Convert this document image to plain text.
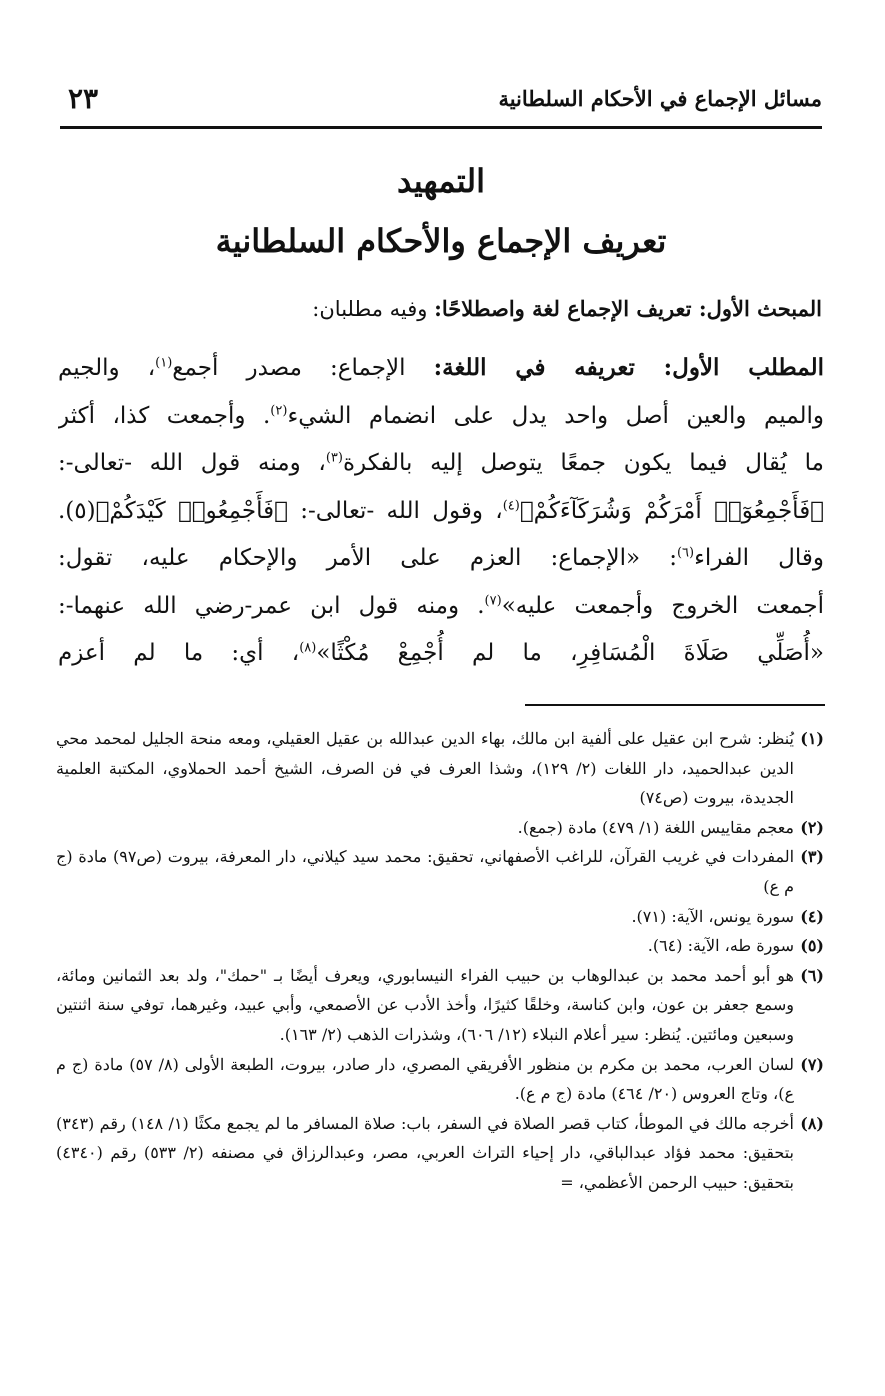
مسائل الإجماع في الأحكام السلطانية
٢٣
التمهيد
تعريف الإجماع والأحكام السلطانية

المبحث الأول: تعريف الإجماع لغة واصطلاحًا: وفيه مطلبان:

المطلب الأول: تعريفه في اللغة: الإجماع: مصدر أجمع$^{(١)}$، والجيم
والميم والعين أصل واحد يدل على انضمام الشيء$^{(٢)}$. وأجمعت كذا، أكثر
ما يُقال فيما يكون جمعًا يتوصل إليه بالفكرة$^{(٣)}$، ومنه قول الله -تعالى-:
﴿فَأَجْمِعُوٓا۟ أَمْرَكُمْ وَشُرَكَآءَكُمْ﴾$^{(٤)}$، وقول الله -تعالى-: ﴿فَأَجْمِعُوا۟ كَيْدَكُمْ﴾(٥).
وقال الفراء$^{(٦)}$: «الإجماع: العزم على الأمر والإحكام عليه، تقول:
أجمعت الخروج وأجمعت عليه»$^{(٧)}$. ومنه قول ابن عمر-رضي الله عنهما-:
«أُصَلِّي صَلَاةَ الْمُسَافِرِ، ما لم أُجْمِعْ مُكْثًا»$^{(٨)}$، أي: ما لم أعزم
(١)
يُنظر: شرح ابن عقيل على ألفية ابن مالك، بهاء الدين عبدالله بن عقيل العقيلي، ومعه منحة الجليل لمحمد محي الدين عبدالحميد، دار اللغات (٢/ ١٢٩)، وشذا العرف في فن الصرف، الشيخ أحمد الحملاوي، المكتبة العلمية الجديدة، بيروت (ص٧٤)
(٢)
معجم مقاييس اللغة (١/ ٤٧٩) مادة (جمع).
(٣)
المفردات في غريب القرآن، للراغب الأصفهاني، تحقيق: محمد سيد كيلاني، دار المعرفة، بيروت (ص٩٧) مادة (ج م ع)
(٤)
سورة يونس، الآية: (٧١).
(٥)
سورة طه، الآية: (٦٤).
(٦)
هو أبو أحمد محمد بن عبدالوهاب بن حبيب الفراء النيسابوري، ويعرف أيضًا بـ "حمك"، ولد بعد الثمانين ومائة، وسمع جعفر بن عون، وابن كناسة، وخلقًا كثيرًا، وأخذ الأدب عن الأصمعي، وأبي عبيد، وغيرهما، توفي سنة اثنتين وسبعين ومائتين. يُنظر: سير أعلام النبلاء (١٢/ ٦٠٦)، وشذرات الذهب (٢/ ١٦٣).
(٧)
لسان العرب، محمد بن مكرم بن منظور الأفريقي المصري، دار صادر، بيروت، الطبعة الأولى (٨/ ٥٧) مادة (ج م ع)، وتاج العروس (٢٠/ ٤٦٤) مادة (ج م ع).
(٨)
أخرجه مالك في الموطأ، كتاب قصر الصلاة في السفر، باب: صلاة المسافر ما لم يجمع مكثًا (١/ ١٤٨) رقم (٣٤٣) بتحقيق: محمد فؤاد عبدالباقي، دار إحياء التراث العربي، مصر، وعبدالرزاق في مصنفه (٢/ ٥٣٣) رقم (٤٣٤٠) بتحقيق: حبيب الرحمن الأعظمي، =
